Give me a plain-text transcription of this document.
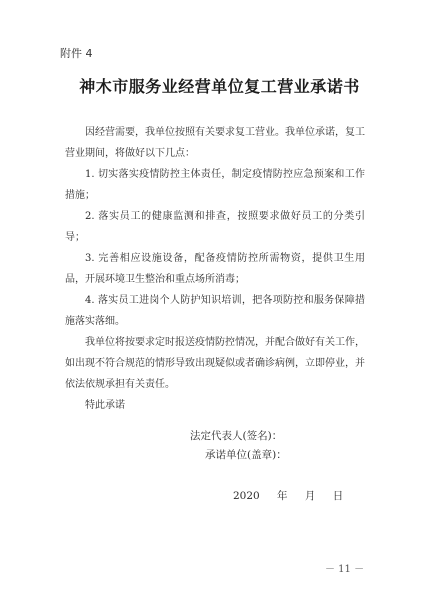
附件 4
神木市服务业经营单位复工营业承诺书

因经营需要，我单位按照有关要求复工营业。我单位承诺，复工营业期间，将做好以下几点：

1. 切实落实疫情防控主体责任，制定疫情防控应急预案和工作措施；

2. 落实员工的健康监测和排查，按照要求做好员工的分类引导；

3. 完善相应设施设备，配备疫情防控所需物资，提供卫生用品，开展环境卫生整治和重点场所消毒；

4. 落实员工进岗个人防护知识培训，把各项防控和服务保障措施落实落细。

我单位将按要求定时报送疫情防控情况，并配合做好有关工作，如出现不符合规范的情形导致出现疑似或者确诊病例，立即停业，并依法依规承担有关责任。

特此承诺

法定代表人(签名)：
承诺单位(盖章)：
2020 年 月 日
－ 11 －
